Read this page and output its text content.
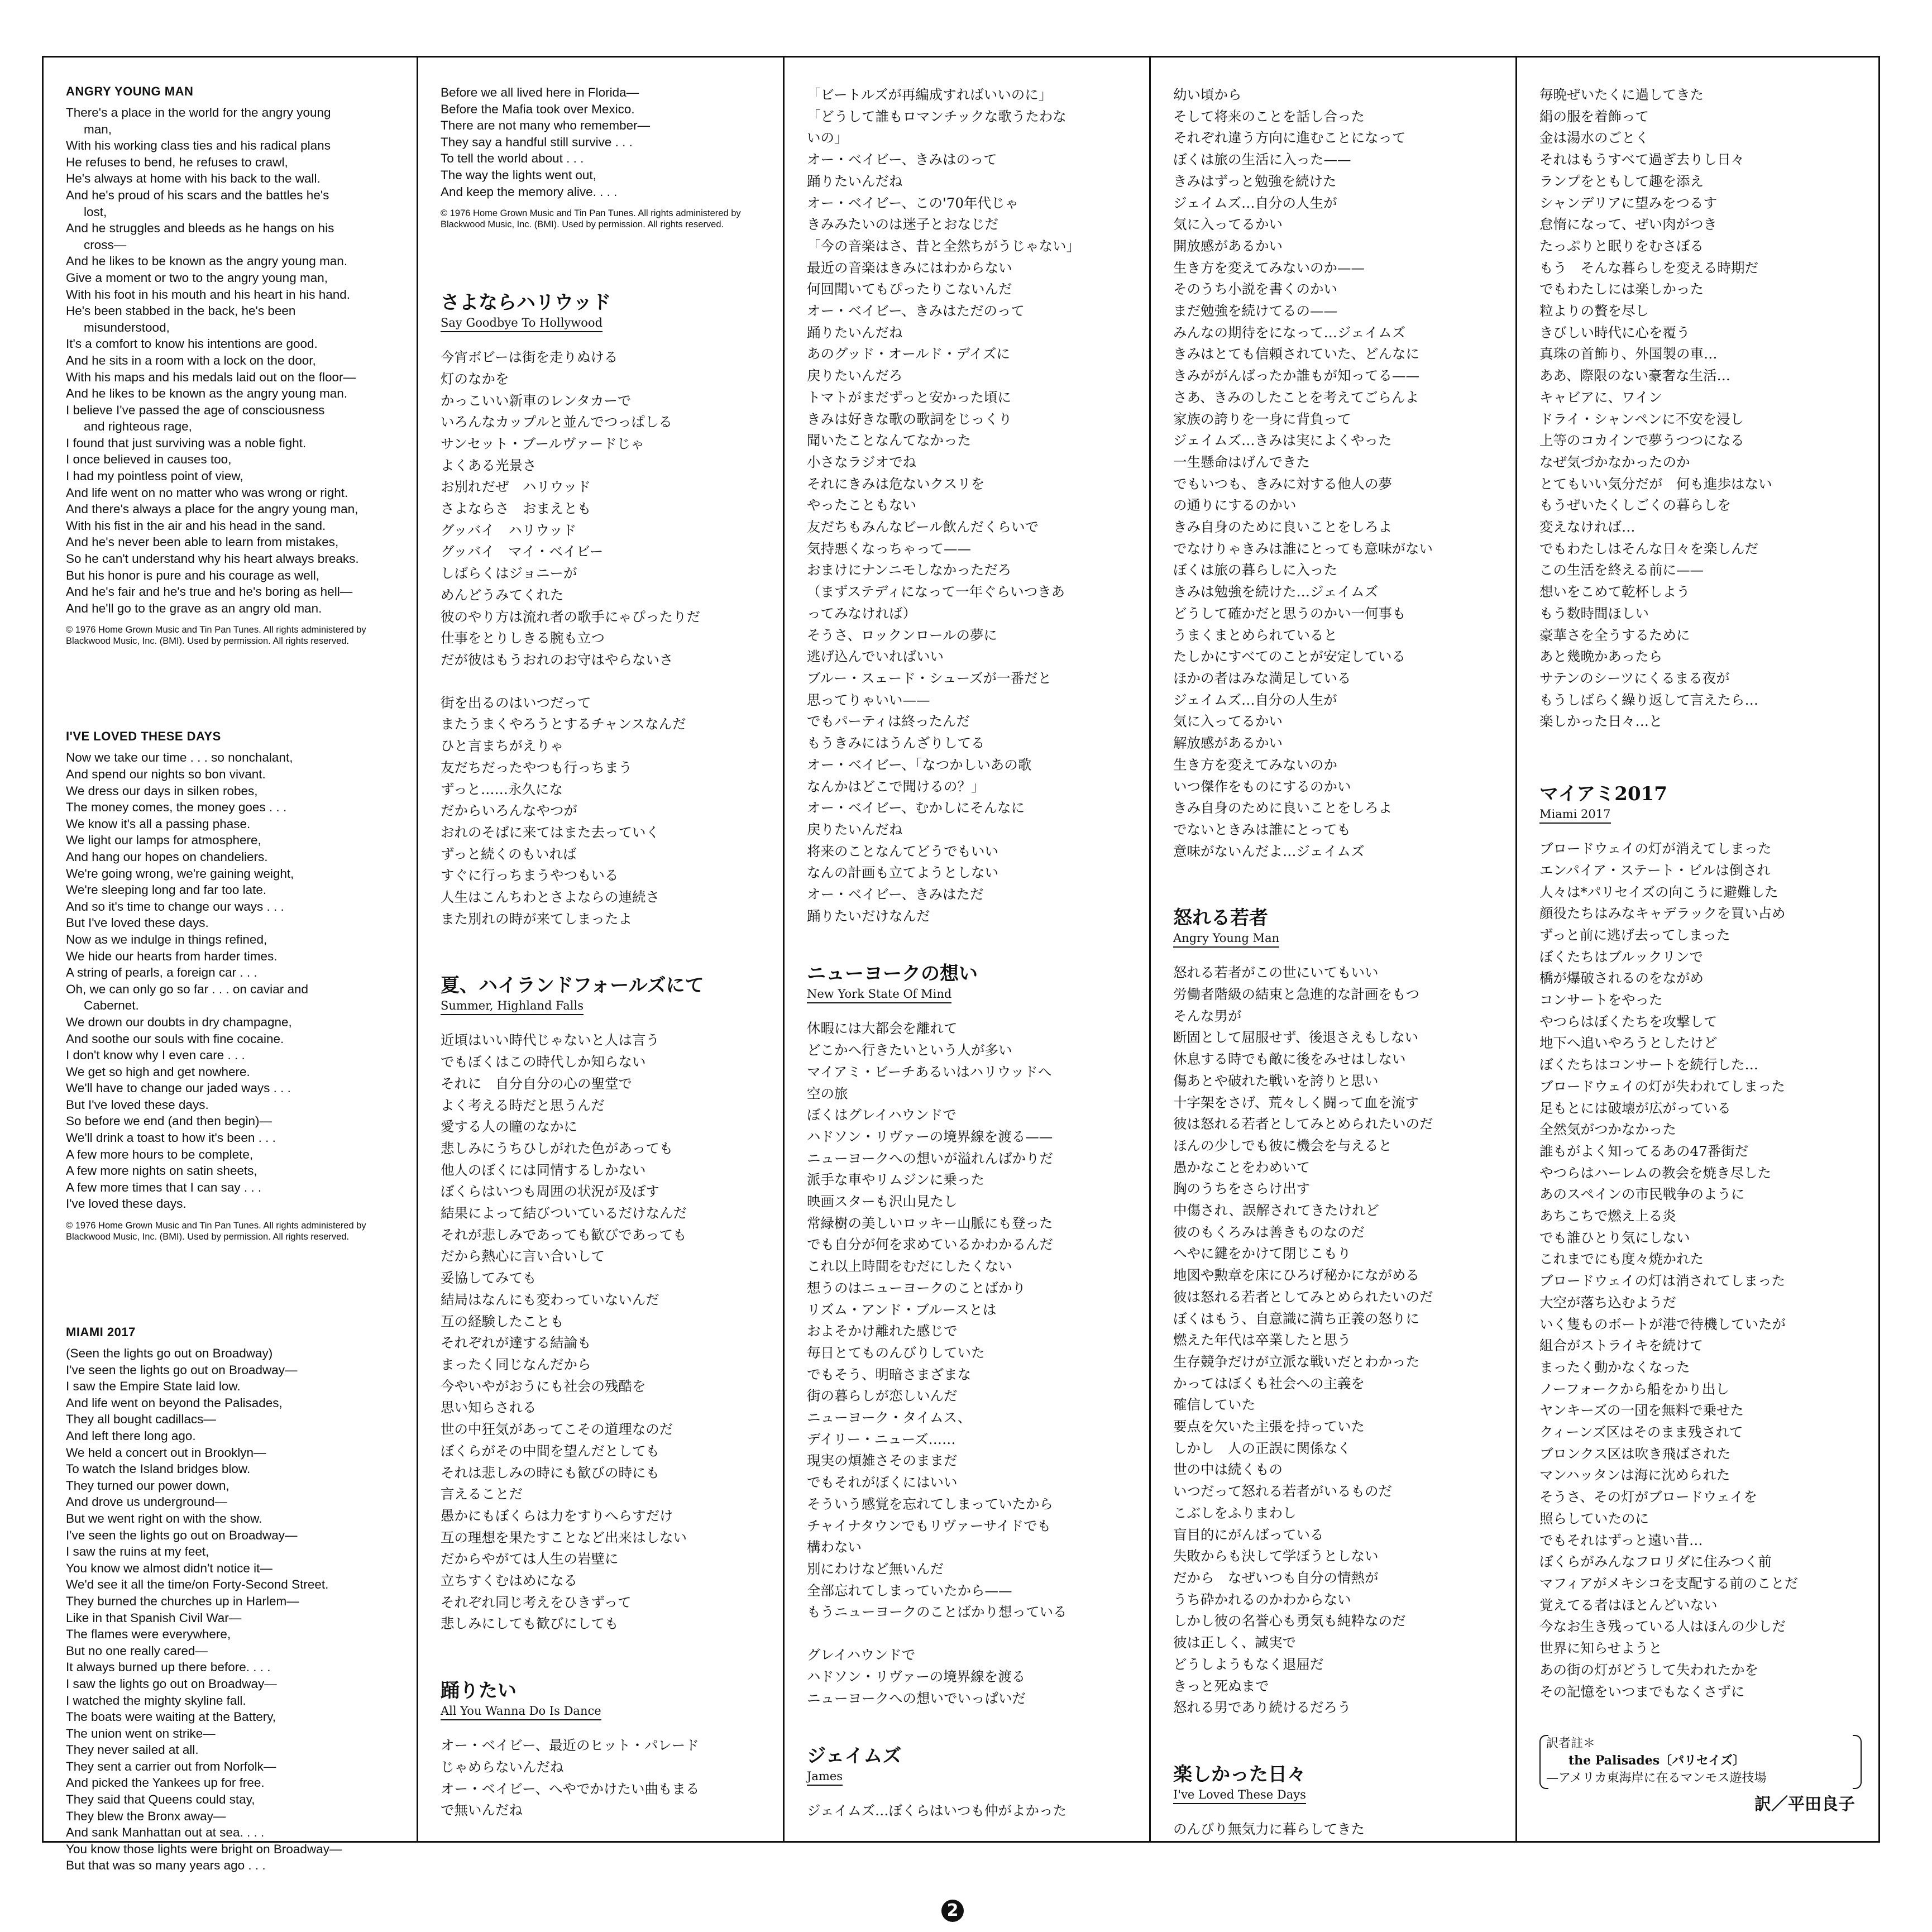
ANGRY YOUNG MAN
There's a place in the world for the angry young
man,
With his working class ties and his radical plans
He refuses to bend, he refuses to crawl,
He's always at home with his back to the wall.
And he's proud of his scars and the battles he's
lost,
And he struggles and bleeds as he hangs on his
cross—
And he likes to be known as the angry young man.
Give a moment or two to the angry young man,
With his foot in his mouth and his heart in his hand.
He's been stabbed in the back, he's been
misunderstood,
It's a comfort to know his intentions are good.
And he sits in a room with a lock on the door,
With his maps and his medals laid out on the floor—
And he likes to be known as the angry young man.
I believe I've passed the age of consciousness
and righteous rage,
I found that just surviving was a noble fight.
I once believed in causes too,
I had my pointless point of view,
And life went on no matter who was wrong or right.
And there's always a place for the angry young man,
With his fist in the air and his head in the sand.
And he's never been able to learn from mistakes,
So he can't understand why his heart always breaks.
But his honor is pure and his courage as well,
And he's fair and he's true and he's boring as hell—
And he'll go to the grave as an angry old man.
© 1976 Home Grown Music and Tin Pan Tunes. All rights administered by Blackwood Music, Inc. (BMI). Used by permission. All rights reserved.
I'VE LOVED THESE DAYS
Now we take our time . . . so nonchalant,
And spend our nights so bon vivant.
We dress our days in silken robes,
The money comes, the money goes . . .
We know it's all a passing phase.
We light our lamps for atmosphere,
And hang our hopes on chandeliers.
We're going wrong, we're gaining weight,
We're sleeping long and far too late.
And so it's time to change our ways . . .
But I've loved these days.
Now as we indulge in things refined,
We hide our hearts from harder times.
A string of pearls, a foreign car . . .
Oh, we can only go so far . . . on caviar and
Cabernet.
We drown our doubts in dry champagne,
And soothe our souls with fine cocaine.
I don't know why I even care . . .
We get so high and get nowhere.
We'll have to change our jaded ways . . .
But I've loved these days.
So before we end (and then begin)—
We'll drink a toast to how it's been . . .
A few more hours to be complete,
A few more nights on satin sheets,
A few more times that I can say . . .
I've loved these days.
© 1976 Home Grown Music and Tin Pan Tunes. All rights administered by Blackwood Music, Inc. (BMI). Used by permission. All rights reserved.
MIAMI 2017
(Seen the lights go out on Broadway)
I've seen the lights go out on Broadway—
I saw the Empire State laid low.
And life went on beyond the Palisades,
They all bought cadillacs—
And left there long ago.
We held a concert out in Brooklyn—
To watch the Island bridges blow.
They turned our power down,
And drove us underground—
But we went right on with the show.
I've seen the lights go out on Broadway—
I saw the ruins at my feet,
You know we almost didn't notice it—
We'd see it all the time/on Forty-Second Street.
They burned the churches up in Harlem—
Like in that Spanish Civil War—
The flames were everywhere,
But no one really cared—
It always burned up there before. . . .
I saw the lights go out on Broadway—
I watched the mighty skyline fall.
The boats were waiting at the Battery,
The union went on strike—
They never sailed at all.
They sent a carrier out from Norfolk—
And picked the Yankees up for free.
They said that Queens could stay,
They blew the Bronx away—
And sank Manhattan out at sea. . . .
You know those lights were bright on Broadway—
But that was so many years ago . . .
Before we all lived here in Florida—
Before the Mafia took over Mexico.
There are not many who remember—
They say a handful still survive . . .
To tell the world about . . .
The way the lights went out,
And keep the memory alive. . . .
© 1976 Home Grown Music and Tin Pan Tunes. All rights administered by Blackwood Music, Inc. (BMI). Used by permission. All rights reserved.
さよならハリウッド
Say Goodbye To Hollywood
今宵ボビーは街を走りぬける
灯のなかを
かっこいい新車のレンタカーで
いろんなカップルと並んでつっぱしる
サンセット・ブールヴァードじゃ
よくある光景さ
お別れだぜ　ハリウッド
さよならさ　おまえとも
グッバイ　ハリウッド
グッバイ　マイ・ベイビー
しばらくはジョニーが
めんどうみてくれた
彼のやり方は流れ者の歌手にゃぴったりだ
仕事をとりしきる腕も立つ
だが彼はもうおれのお守はやらないさ
街を出るのはいつだって
またうまくやろうとするチャンスなんだ
ひと言まちがえりゃ
友だちだったやつも行っちまう
ずっと……永久にな
だからいろんなやつが
おれのそばに来てはまた去っていく
ずっと続くのもいれば
すぐに行っちまうやつもいる
人生はこんちわとさよならの連続さ
また別れの時が来てしまったよ
夏、ハイランドフォールズにて
Summer, Highland Falls
近頃はいい時代じゃないと人は言う
でもぼくはこの時代しか知らない
それに　自分自分の心の聖堂で
よく考える時だと思うんだ
愛する人の瞳のなかに
悲しみにうちひしがれた色があっても
他人のぼくには同情するしかない
ぼくらはいつも周囲の状況が及ぼす
結果によって結びついているだけなんだ
それが悲しみであっても歓びであっても
だから熱心に言い合いして
妥協してみても
結局はなんにも変わっていないんだ
互の経験したことも
それぞれが達する結論も
まったく同じなんだから
今やいやがおうにも社会の残酷を
思い知らされる
世の中狂気があってこその道理なのだ
ぼくらがその中間を望んだとしても
それは悲しみの時にも歓びの時にも
言えることだ
愚かにもぼくらは力をすりへらすだけ
互の理想を果たすことなど出来はしない
だからやがては人生の岩壁に
立ちすくむはめになる
それぞれ同じ考えをひきずって
悲しみにしても歓びにしても
踊りたい
All You Wanna Do Is Dance
オー・ベイビー、最近のヒット・パレード
じゃめらないんだね
オー・ベイビー、へやでかけたい曲もまる
で無いんだね
「ビートルズが再編成すればいいのに」
「どうして誰もロマンチックな歌うたわな
いの」
オー・ベイビー、きみはのって
踊りたいんだね
オー・ベイビー、この'70年代じゃ
きみみたいのは迷子とおなじだ
「今の音楽はさ、昔と全然ちがうじゃない」
最近の音楽はきみにはわからない
何回聞いてもぴったりこないんだ
オー・ベイビー、きみはただのって
踊りたいんだね
あのグッド・オールド・デイズに
戻りたいんだろ
トマトがまだずっと安かった頃に
きみは好きな歌の歌詞をじっくり
聞いたことなんてなかった
小さなラジオでね
それにきみは危ないクスリを
やったこともない
友だちもみんなビール飲んだくらいで
気持悪くなっちゃって——
おまけにナンニモしなかっただろ
（まずステディになって一年ぐらいつきあ
ってみなければ）
そうさ、ロックンロールの夢に
逃げ込んでいればいい
ブルー・スェード・シューズが一番だと
思ってりゃいい——
でもパーティは終ったんだ
もうきみにはうんざりしてる
オー・ベイビー、「なつかしいあの歌
なんかはどこで聞けるの？」
オー・ベイビー、むかしにそんなに
戻りたいんだね
将来のことなんてどうでもいい
なんの計画も立てようとしない
オー・ベイビー、きみはただ
踊りたいだけなんだ
ニューヨークの想い
New York State Of Mind
休暇には大都会を離れて
どこかへ行きたいという人が多い
マイアミ・ビーチあるいはハリウッドへ
空の旅
ぼくはグレイハウンドで
ハドソン・リヴァーの境界線を渡る——
ニューヨークへの想いが溢れんばかりだ
派手な車やリムジンに乗った
映画スターも沢山見たし
常緑樹の美しいロッキー山脈にも登った
でも自分が何を求めているかわかるんだ
これ以上時間をむだにしたくない
想うのはニューヨークのことばかり
リズム・アンド・ブルースとは
およそかけ離れた感じで
毎日とてものんびりしていた
でもそう、明暗さまざまな
街の暮らしが恋しいんだ
ニューヨーク・タイムス、
デイリー・ニューズ……
現実の煩雑さそのままだ
でもそれがぼくにはいい
そういう感覚を忘れてしまっていたから
チャイナタウンでもリヴァーサイドでも
構わない
別にわけなど無いんだ
全部忘れてしまっていたから——
もうニューヨークのことばかり想っている
グレイハウンドで
ハドソン・リヴァーの境界線を渡る
ニューヨークへの想いでいっぱいだ
ジェイムズ
James
ジェイムズ…ぼくらはいつも仲がよかった
幼い頃から
そして将来のことを話し合った
それぞれ違う方向に進むことになって
ぼくは旅の生活に入った——
きみはずっと勉強を続けた
ジェイムズ…自分の人生が
気に入ってるかい
開放感があるかい
生き方を変えてみないのか——
そのうち小説を書くのかい
まだ勉強を続けてるの——
みんなの期待をになって…ジェイムズ
きみはとても信頼されていた、どんなに
きみががんばったか誰もが知ってる——
さあ、きみのしたことを考えてごらんよ
家族の誇りを一身に背負って
ジェイムズ…きみは実によくやった
一生懸命はげんできた
でもいつも、きみに対する他人の夢
の通りにするのかい
きみ自身のために良いことをしろよ
でなけりゃきみは誰にとっても意味がない
ぼくは旅の暮らしに入った
きみは勉強を続けた…ジェイムズ
どうして確かだと思うのかい一何事も
うまくまとめられていると
たしかにすべてのことが安定している
ほかの者はみな満足している
ジェイムズ…自分の人生が
気に入ってるかい
解放感があるかい
生き方を変えてみないのか
いつ傑作をものにするのかい
きみ自身のために良いことをしろよ
でないときみは誰にとっても
意味がないんだよ…ジェイムズ
怒れる若者
Angry Young Man
怒れる若者がこの世にいてもいい
労働者階級の結束と急進的な計画をもつ
そんな男が
断固として屈服せず、後退さえもしない
休息する時でも敵に後をみせはしない
傷あとや破れた戦いを誇りと思い
十字架をさげ、荒々しく闘って血を流す
彼は怒れる若者としてみとめられたいのだ
ほんの少しでも彼に機会を与えると
愚かなことをわめいて
胸のうちをさらけ出す
中傷され、誤解されてきたけれど
彼のもくろみは善きものなのだ
へやに鍵をかけて閉じこもり
地図や勲章を床にひろげ秘かにながめる
彼は怒れる若者としてみとめられたいのだ
ぼくはもう、自意識に満ち正義の怒りに
燃えた年代は卒業したと思う
生存競争だけが立派な戦いだとわかった
かってはぼくも社会への主義を
確信していた
要点を欠いた主張を持っていた
しかし　人の正誤に関係なく
世の中は続くもの
いつだって怒れる若者がいるものだ
こぶしをふりまわし
盲目的にがんばっている
失敗からも決して学ぼうとしない
だから　なぜいつも自分の情熱が
うち砕かれるのかわからない
しかし彼の名誉心も勇気も純粋なのだ
彼は正しく、誠実で
どうしようもなく退屈だ
きっと死ぬまで
怒れる男であり続けるだろう
楽しかった日々
I've Loved These Days
のんびり無気力に暮らしてきた
毎晩ぜいたくに過してきた
絹の服を着飾って
金は湯水のごとく
それはもうすべて過ぎ去りし日々
ランプをともして趣を添え
シャンデリアに望みをつるす
怠惰になって、ぜい肉がつき
たっぷりと眠りをむさぼる
もう　そんな暮らしを変える時期だ
でもわたしには楽しかった
粒よりの贅を尽し
きびしい時代に心を覆う
真珠の首飾り、外国製の車…
ああ、際限のない豪奢な生活…
キャビアに、ワイン
ドライ・シャンペンに不安を浸し
上等のコカインで夢うつつになる
なぜ気づかなかったのか
とてもいい気分だが　何も進歩はない
もうぜいたくしごくの暮らしを
変えなければ…
でもわたしはそんな日々を楽しんだ
この生活を終える前に——
想いをこめて乾杯しよう
もう数時間ほしい
豪華さを全うするために
あと幾晩かあったら
サテンのシーツにくるまる夜が
もうしばらく繰り返して言えたら…
楽しかった日々…と
マイアミ2017
Miami 2017
ブロードウェイの灯が消えてしまった
エンパイア・ステート・ビルは倒され
人々は*パリセイズの向こうに避難した
顔役たちはみなキャデラックを買い占め
ずっと前に逃げ去ってしまった
ぼくたちはブルックリンで
橋が爆破されるのをながめ
コンサートをやった
やつらはぼくたちを攻撃して
地下へ追いやろうとしたけど
ぼくたちはコンサートを続行した…
ブロードウェイの灯が失われてしまった
足もとには破壊が広がっている
全然気がつかなかった
誰もがよく知ってるあの47番街だ
やつらはハーレムの教会を焼き尽した
あのスペインの市民戦争のように
あちこちで燃え上る炎
でも誰ひとり気にしない
これまでにも度々焼かれた
ブロードウェイの灯は消されてしまった
大空が落ち込むようだ
いく隻ものボートが港で待機していたが
組合がストライキを続けて
まったく動かなくなった
ノーフォークから船をかり出し
ヤンキーズの一団を無料で乗せた
クィーンズ区はそのまま残されて
ブロンクス区は吹き飛ばされた
マンハッタンは海に沈められた
そうさ、その灯がブロードウェイを
照らしていたのに
でもそれはずっと遠い昔…
ぼくらがみんなフロリダに住みつく前
マフィアがメキシコを支配する前のことだ
覚えてる者はほとんどいない
今なお生き残っている人はほんの少しだ
世界に知らせようと
あの街の灯がどうして失われたかを
その記憶をいつまでもなくさずに
訳者註＊
the Palisades〔パリセイズ〕
—アメリカ東海岸に在るマンモス遊技場
訳／平田良子
2
